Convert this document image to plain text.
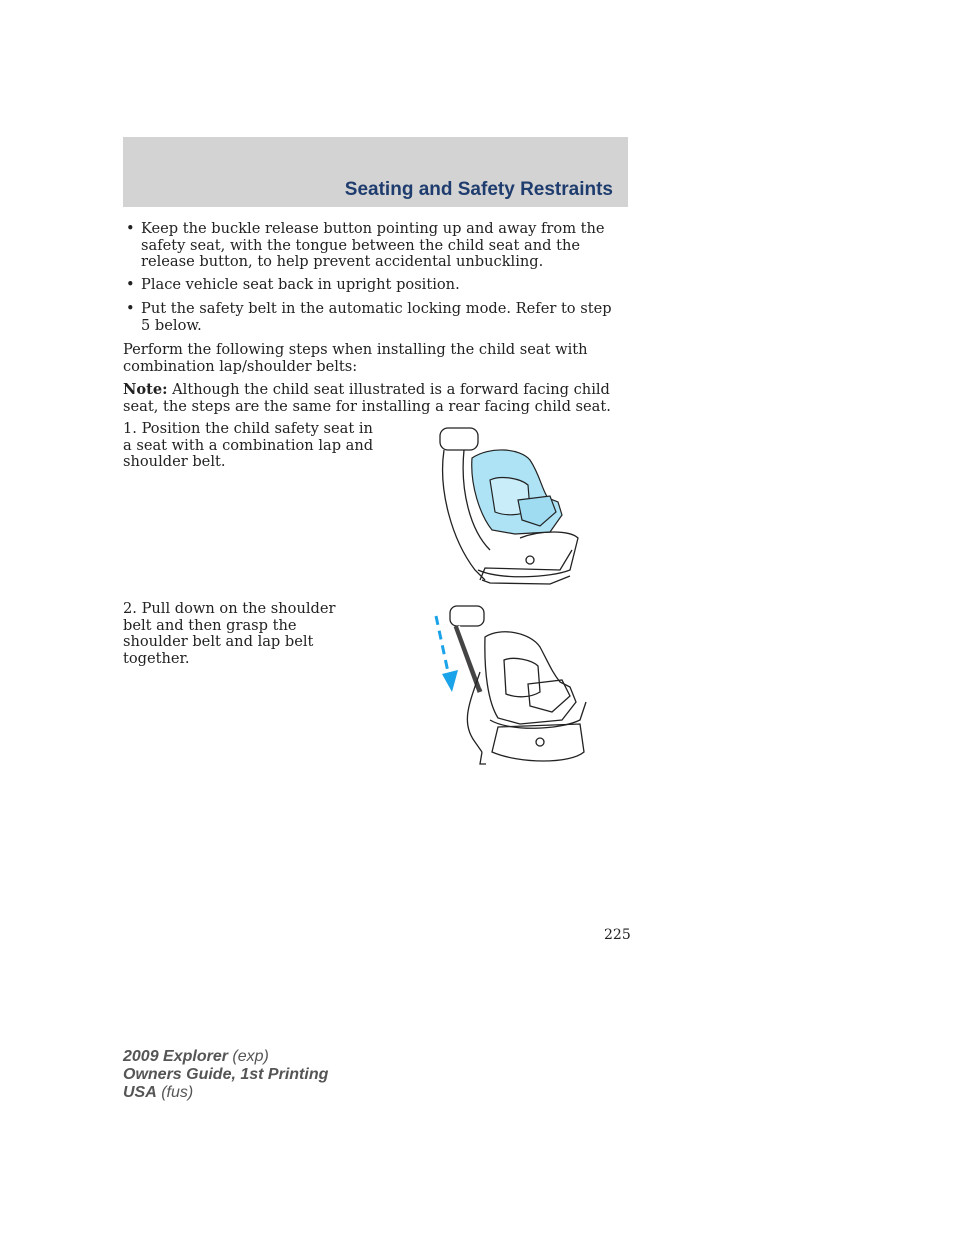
Seating and Safety Restraints
• Keep the buckle release button pointing up and away from the safety seat, with the tongue between the child seat and the release button, to help prevent accidental unbuckling.
• Place vehicle seat back in upright position.
• Put the safety belt in the automatic locking mode. Refer to step 5 below.
Perform the following steps when installing the child seat with combination lap/shoulder belts:
Note: Although the child seat illustrated is a forward facing child seat, the steps are the same for installing a rear facing child seat.
1. Position the child safety seat in a seat with a combination lap and shoulder belt.
2. Pull down on the shoulder belt and then grasp the shoulder belt and lap belt together.
225
2009 Explorer (exp)
Owners Guide, 1st Printing
USA (fus)
